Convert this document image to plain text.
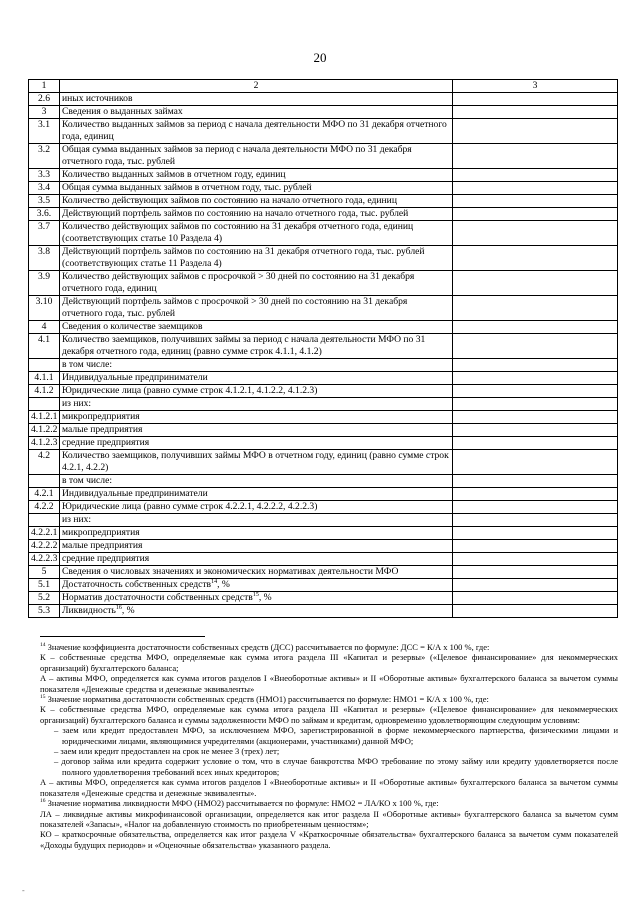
20
1	2	3
2.6	иных источников	
3	Сведения о выданных займах	
3.1	Количество выданных займов за период с начала деятельности МФО по 31 декабря отчетного года, единиц	
3.2	Общая сумма выданных займов за период с начала деятельности МФО по 31 декабря отчетного года, тыс. рублей	
3.3	Количество выданных займов в отчетном году, единиц	
3.4	Общая сумма выданных займов в отчетном году, тыс. рублей	
3.5	Количество действующих займов по состоянию на начало отчетного года, единиц	
3.6.	Действующий портфель займов по состоянию на начало отчетного года, тыс. рублей	
3.7	Количество действующих займов по состоянию на 31 декабря отчетного года, единиц (соответствующих статье 10 Раздела 4)	
3.8	Действующий портфель займов по состоянию на 31 декабря отчетного года, тыс. рублей (соответствующих статье 11 Раздела 4)	
3.9	Количество действующих займов с просрочкой > 30 дней по состоянию на 31 декабря отчетного года, единиц	
3.10	Действующий портфель займов с просрочкой > 30 дней по состоянию на 31 декабря отчетного года, тыс. рублей	
4	Сведения о количестве заемщиков	
4.1	Количество заемщиков, получивших займы за период с начала деятельности МФО по 31 декабря отчетного года, единиц (равно сумме строк 4.1.1, 4.1.2)	
	в том числе:	
4.1.1	Индивидуальные предприниматели	
4.1.2	Юридические лица (равно сумме строк 4.1.2.1, 4.1.2.2, 4.1.2.3)	
	из них:	
4.1.2.1	микропредприятия	
4.1.2.2	малые предприятия	
4.1.2.3	средние предприятия	
4.2	Количество заемщиков, получивших займы МФО в отчетном году, единиц (равно сумме строк 4.2.1, 4.2.2)	
	в том числе:	
4.2.1	Индивидуальные предприниматели	
4.2.2	Юридические лица (равно сумме строк 4.2.2.1, 4.2.2.2, 4.2.2.3)	
	из них:	
4.2.2.1	микропредприятия	
4.2.2.2	малые предприятия	
4.2.2.3	средние предприятия	
5	Сведения о числовых значениях и экономических нормативах деятельности МФО	
5.1	Достаточность собственных средств$^{14}$, %	
5.2	Норматив достаточности собственных средств$^{15}$, %	
5.3	Ликвидность$^{16}$, %	

$^{14}$ Значение коэффициента достаточности собственных средств (ДСС) рассчитывается по формуле: ДСС = К/А х 100 %, где:

К – собственные средства МФО, определяемые как сумма итога раздела III «Капитал и резервы» («Целевое финансирование» для некоммерческих организаций) бухгалтерского баланса;

А – активы МФО, определяется как сумма итогов разделов I «Внеоборотные активы» и II «Оборотные активы» бухгалтерского баланса за вычетом суммы показателя «Денежные средства и денежные эквиваленты»

$^{15}$ Значение норматива достаточности собственных средств (НМО1) рассчитывается по формуле: НМО1 = К/А х 100 %, где:

К – собственные средства МФО, определяемые как сумма итога раздела III «Капитал и резервы» («Целевое финансирование» для некоммерческих организаций) бухгалтерского баланса и суммы задолженности МФО по займам и кредитам, одновременно удовлетворяющим следующим условиям:

– заем или кредит предоставлен МФО, за исключением МФО, зарегистрированной в форме некоммерческого партнерства, физическими лицами и юридическими лицами, являющимися учредителями (акционерами, участниками) данной МФО;

– заем или кредит предоставлен на срок не менее 3 (трех) лет;

– договор займа или кредита содержит условие о том, что в случае банкротства МФО требование по этому займу или кредиту удовлетворяется после полного удовлетворения требований всех иных кредиторов;

А – активы МФО, определяется как сумма итогов разделов I «Внеоборотные активы» и II «Оборотные активы» бухгалтерского баланса за вычетом суммы показателя «Денежные средства и денежные эквиваленты».

$^{16}$ Значение норматива ликвидности МФО (НМО2) рассчитывается по формуле: НМО2 = ЛА/КО х 100 %, где:

ЛА – ликвидные активы микрофинансовой организации, определяется как итог раздела II «Оборотные активы» бухгалтерского баланса за вычетом сумм показателей «Запасы», «Налог на добавленную стоимость по приобретенным ценностям»;

КО – краткосрочные обязательства, определяется как итог раздела V «Краткосрочные обязательства» бухгалтерского баланса за вычетом сумм показателей «Доходы будущих периодов» и «Оценочные обязательства» указанного раздела.

-
